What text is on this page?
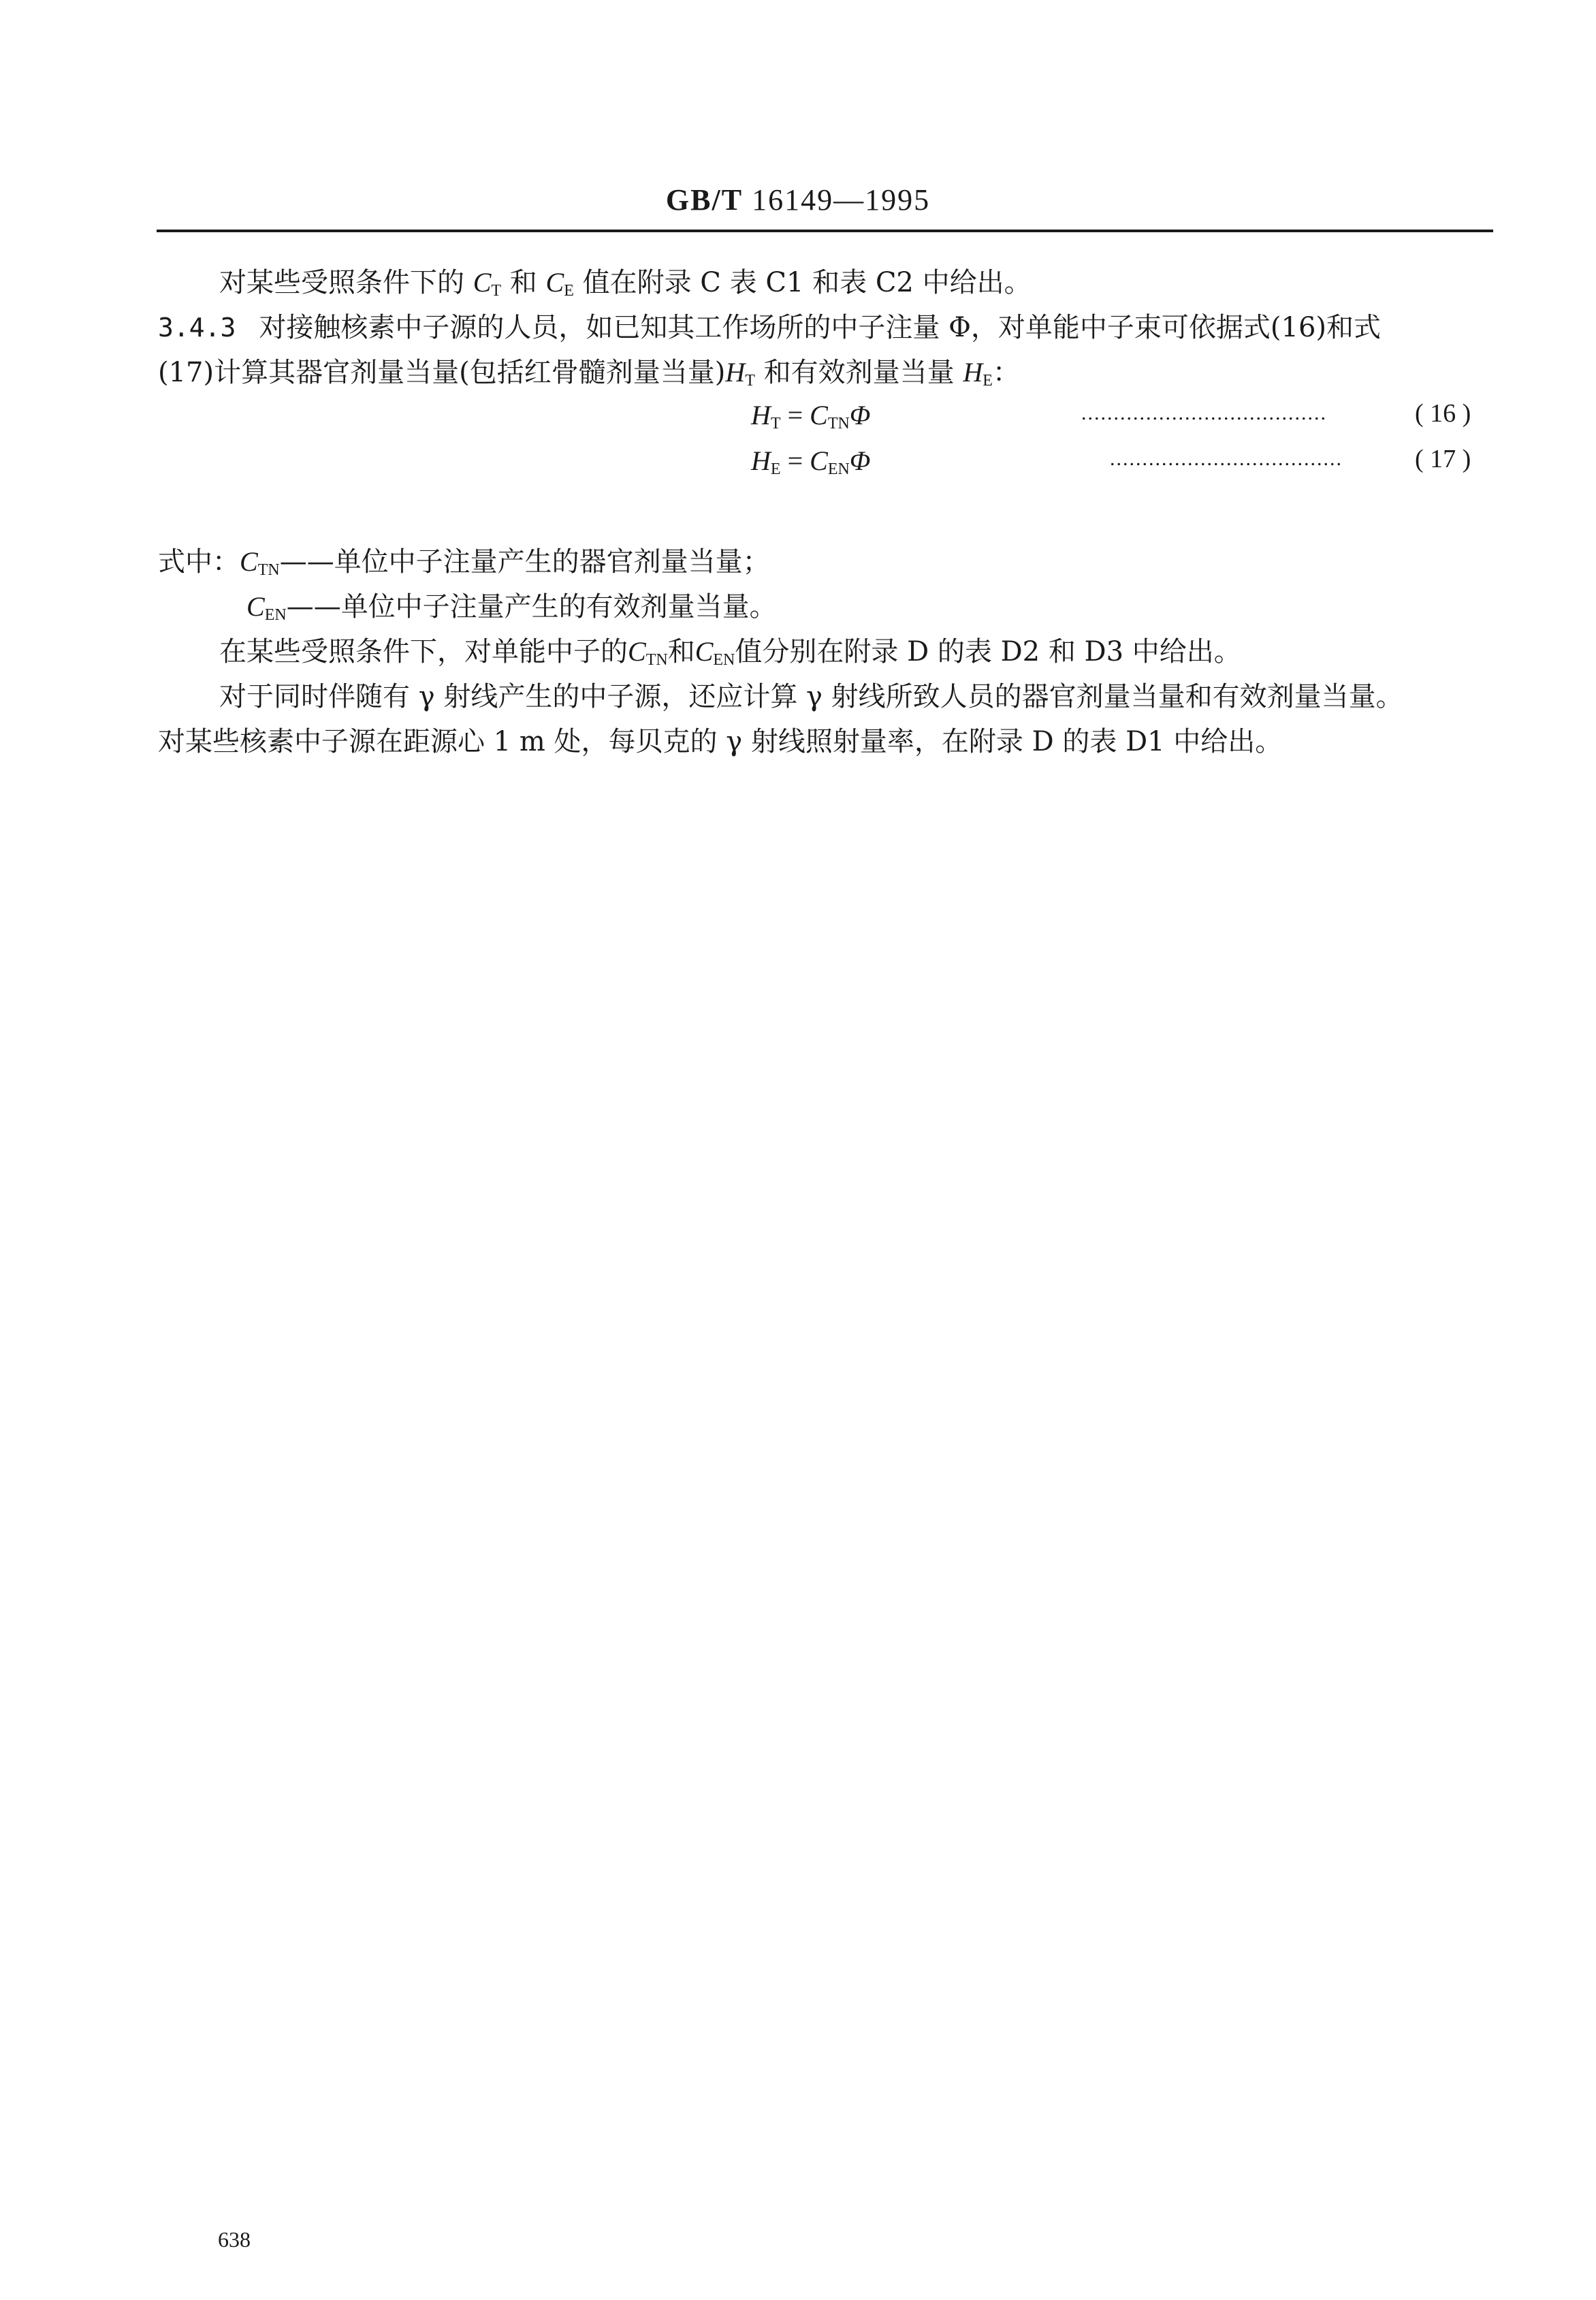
GB/T 16149—1995
对某些受照条件下的 $C_T$ 和 $C_E$ 值在附录 C 表 C1 和表 C2 中给出。
3.4.3 对接触核素中子源的人员，如已知其工作场所的中子注量 Φ，对单能中子束可依据式(16)和式
(17)计算其器官剂量当量(包括红骨髓剂量当量)$H_T$ 和有效剂量当量 $H_E$：
$H_T = C_{TN}\Phi$	......................................	( 16 )
$H_E = C_{EN}\Phi$	....................................	( 17 )
式中：$C_{TN}——$单位中子注量产生的器官剂量当量；
$C_{EN}——$单位中子注量产生的有效剂量当量。
在某些受照条件下，对单能中子的$C_{TN}$和$C_{EN}$值分别在附录 D 的表 D2 和 D3 中给出。
对于同时伴随有 γ 射线产生的中子源，还应计算 γ 射线所致人员的器官剂量当量和有效剂量当量。
对某些核素中子源在距源心 1 m 处，每贝克的 γ 射线照射量率，在附录 D 的表 D1 中给出。
638
